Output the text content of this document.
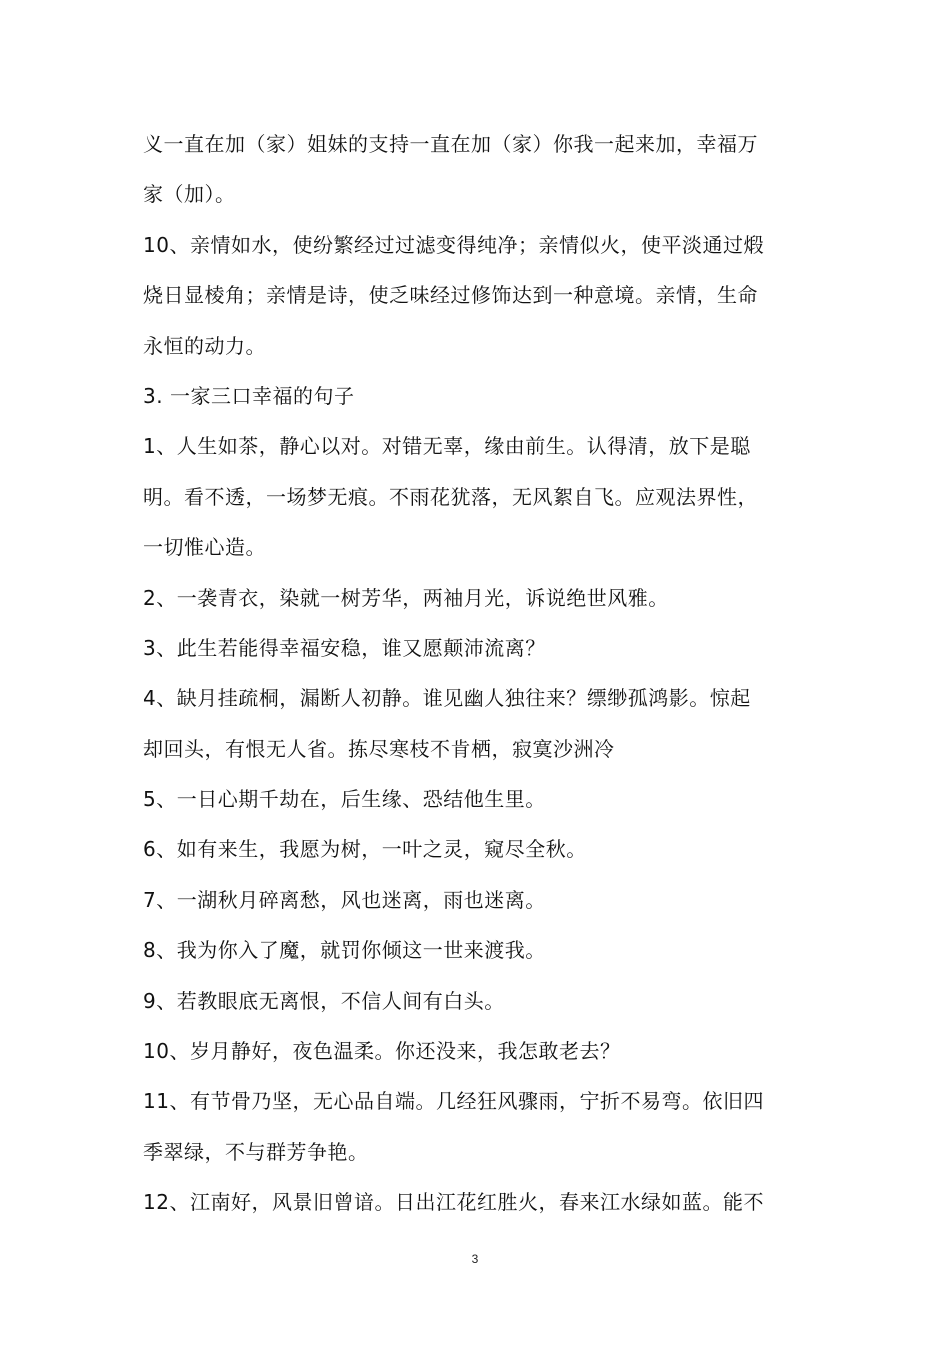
义一直在加（家）姐妹的支持一直在加（家）你我一起来加，幸福万
家（加）。
10、亲情如水，使纷繁经过过滤变得纯净；亲情似火，使平淡通过煅
烧日显棱角；亲情是诗，使乏味经过修饰达到一种意境。亲情，生命
永恒的动力。
3. 一家三口幸福的句子
1、人生如茶，静心以对。对错无辜，缘由前生。认得清，放下是聪
明。看不透，一场梦无痕。不雨花犹落，无风絮自飞。应观法界性，
一切惟心造。
2、一袭青衣，染就一树芳华，两袖月光，诉说绝世风雅。
3、此生若能得幸福安稳，谁又愿颠沛流离？
4、缺月挂疏桐，漏断人初静。谁见幽人独往来？缥缈孤鸿影。惊起
却回头，有恨无人省。拣尽寒枝不肯栖，寂寞沙洲冷
5、一日心期千劫在，后生缘、恐结他生里。
6、如有来生，我愿为树，一叶之灵，窥尽全秋。
7、一湖秋月碎离愁，风也迷离，雨也迷离。
8、我为你入了魔，就罚你倾这一世来渡我。
9、若教眼底无离恨，不信人间有白头。
10、岁月静好，夜色温柔。你还没来，我怎敢老去？
11、有节骨乃坚，无心品自端。几经狂风骤雨，宁折不易弯。依旧四
季翠绿，不与群芳争艳。
12、江南好，风景旧曾谙。日出江花红胜火，春来江水绿如蓝。能不
3
